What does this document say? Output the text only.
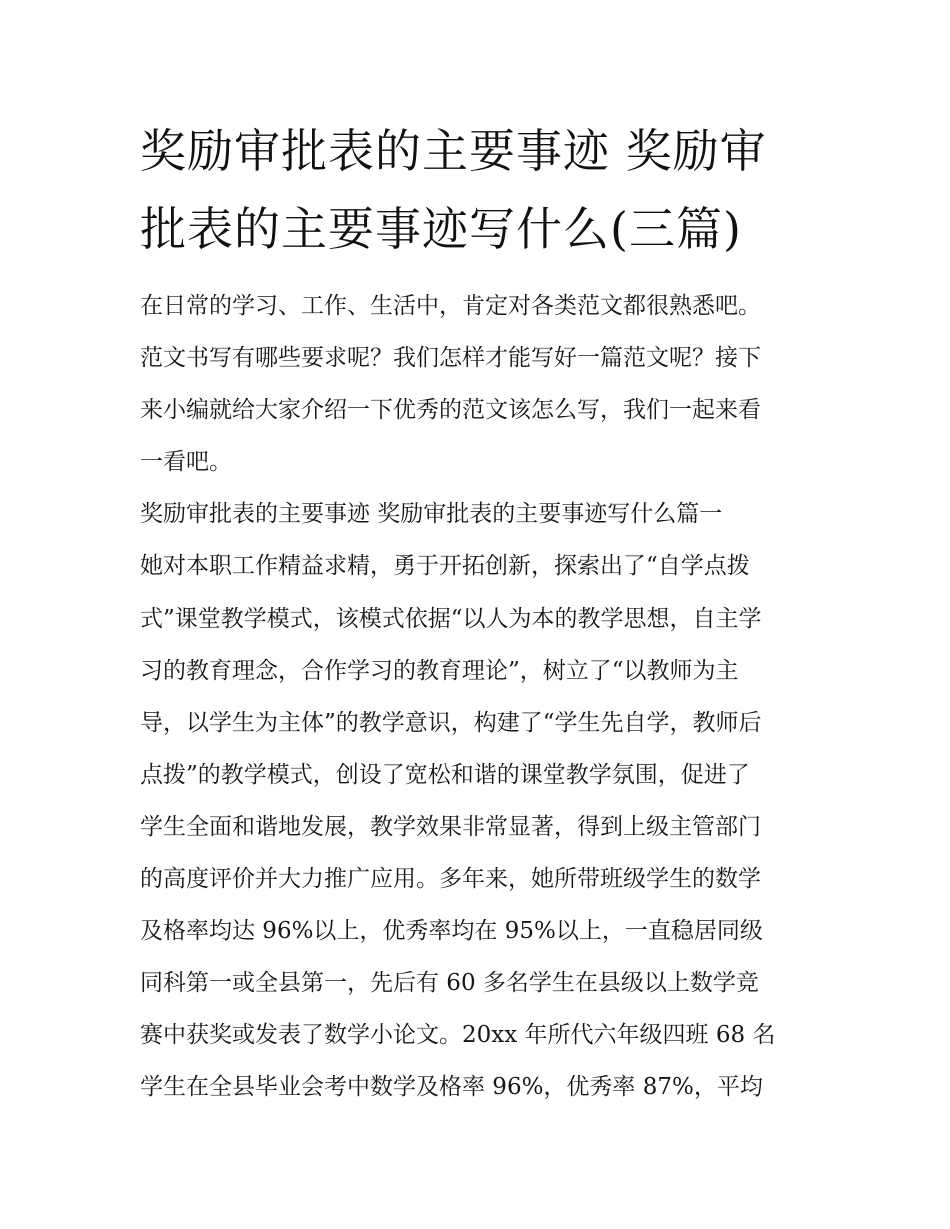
奖励审批表的主要事迹 奖励审
批表的主要事迹写什么(三篇)
在日常的学习、工作、生活中，肯定对各类范文都很熟悉吧。
范文书写有哪些要求呢？我们怎样才能写好一篇范文呢？接下
来小编就给大家介绍一下优秀的范文该怎么写，我们一起来看
一看吧。
奖励审批表的主要事迹 奖励审批表的主要事迹写什么篇一
她对本职工作精益求精，勇于开拓创新，探索出了“自学点拨
式”课堂教学模式，该模式依据“以人为本的教学思想，自主学
习的教育理念，合作学习的教育理论”，树立了“以教师为主
导，以学生为主体”的教学意识，构建了“学生先自学，教师后
点拨”的教学模式，创设了宽松和谐的课堂教学氛围，促进了
学生全面和谐地发展，教学效果非常显著，得到上级主管部门
的高度评价并大力推广应用。多年来，她所带班级学生的数学
及格率均达 96%以上，优秀率均在 95%以上，一直稳居同级
同科第一或全县第一，先后有 60 多名学生在县级以上数学竞
赛中获奖或发表了数学小论文。20xx 年所代六年级四班 68 名
学生在全县毕业会考中数学及格率 96%，优秀率 87%，平均
